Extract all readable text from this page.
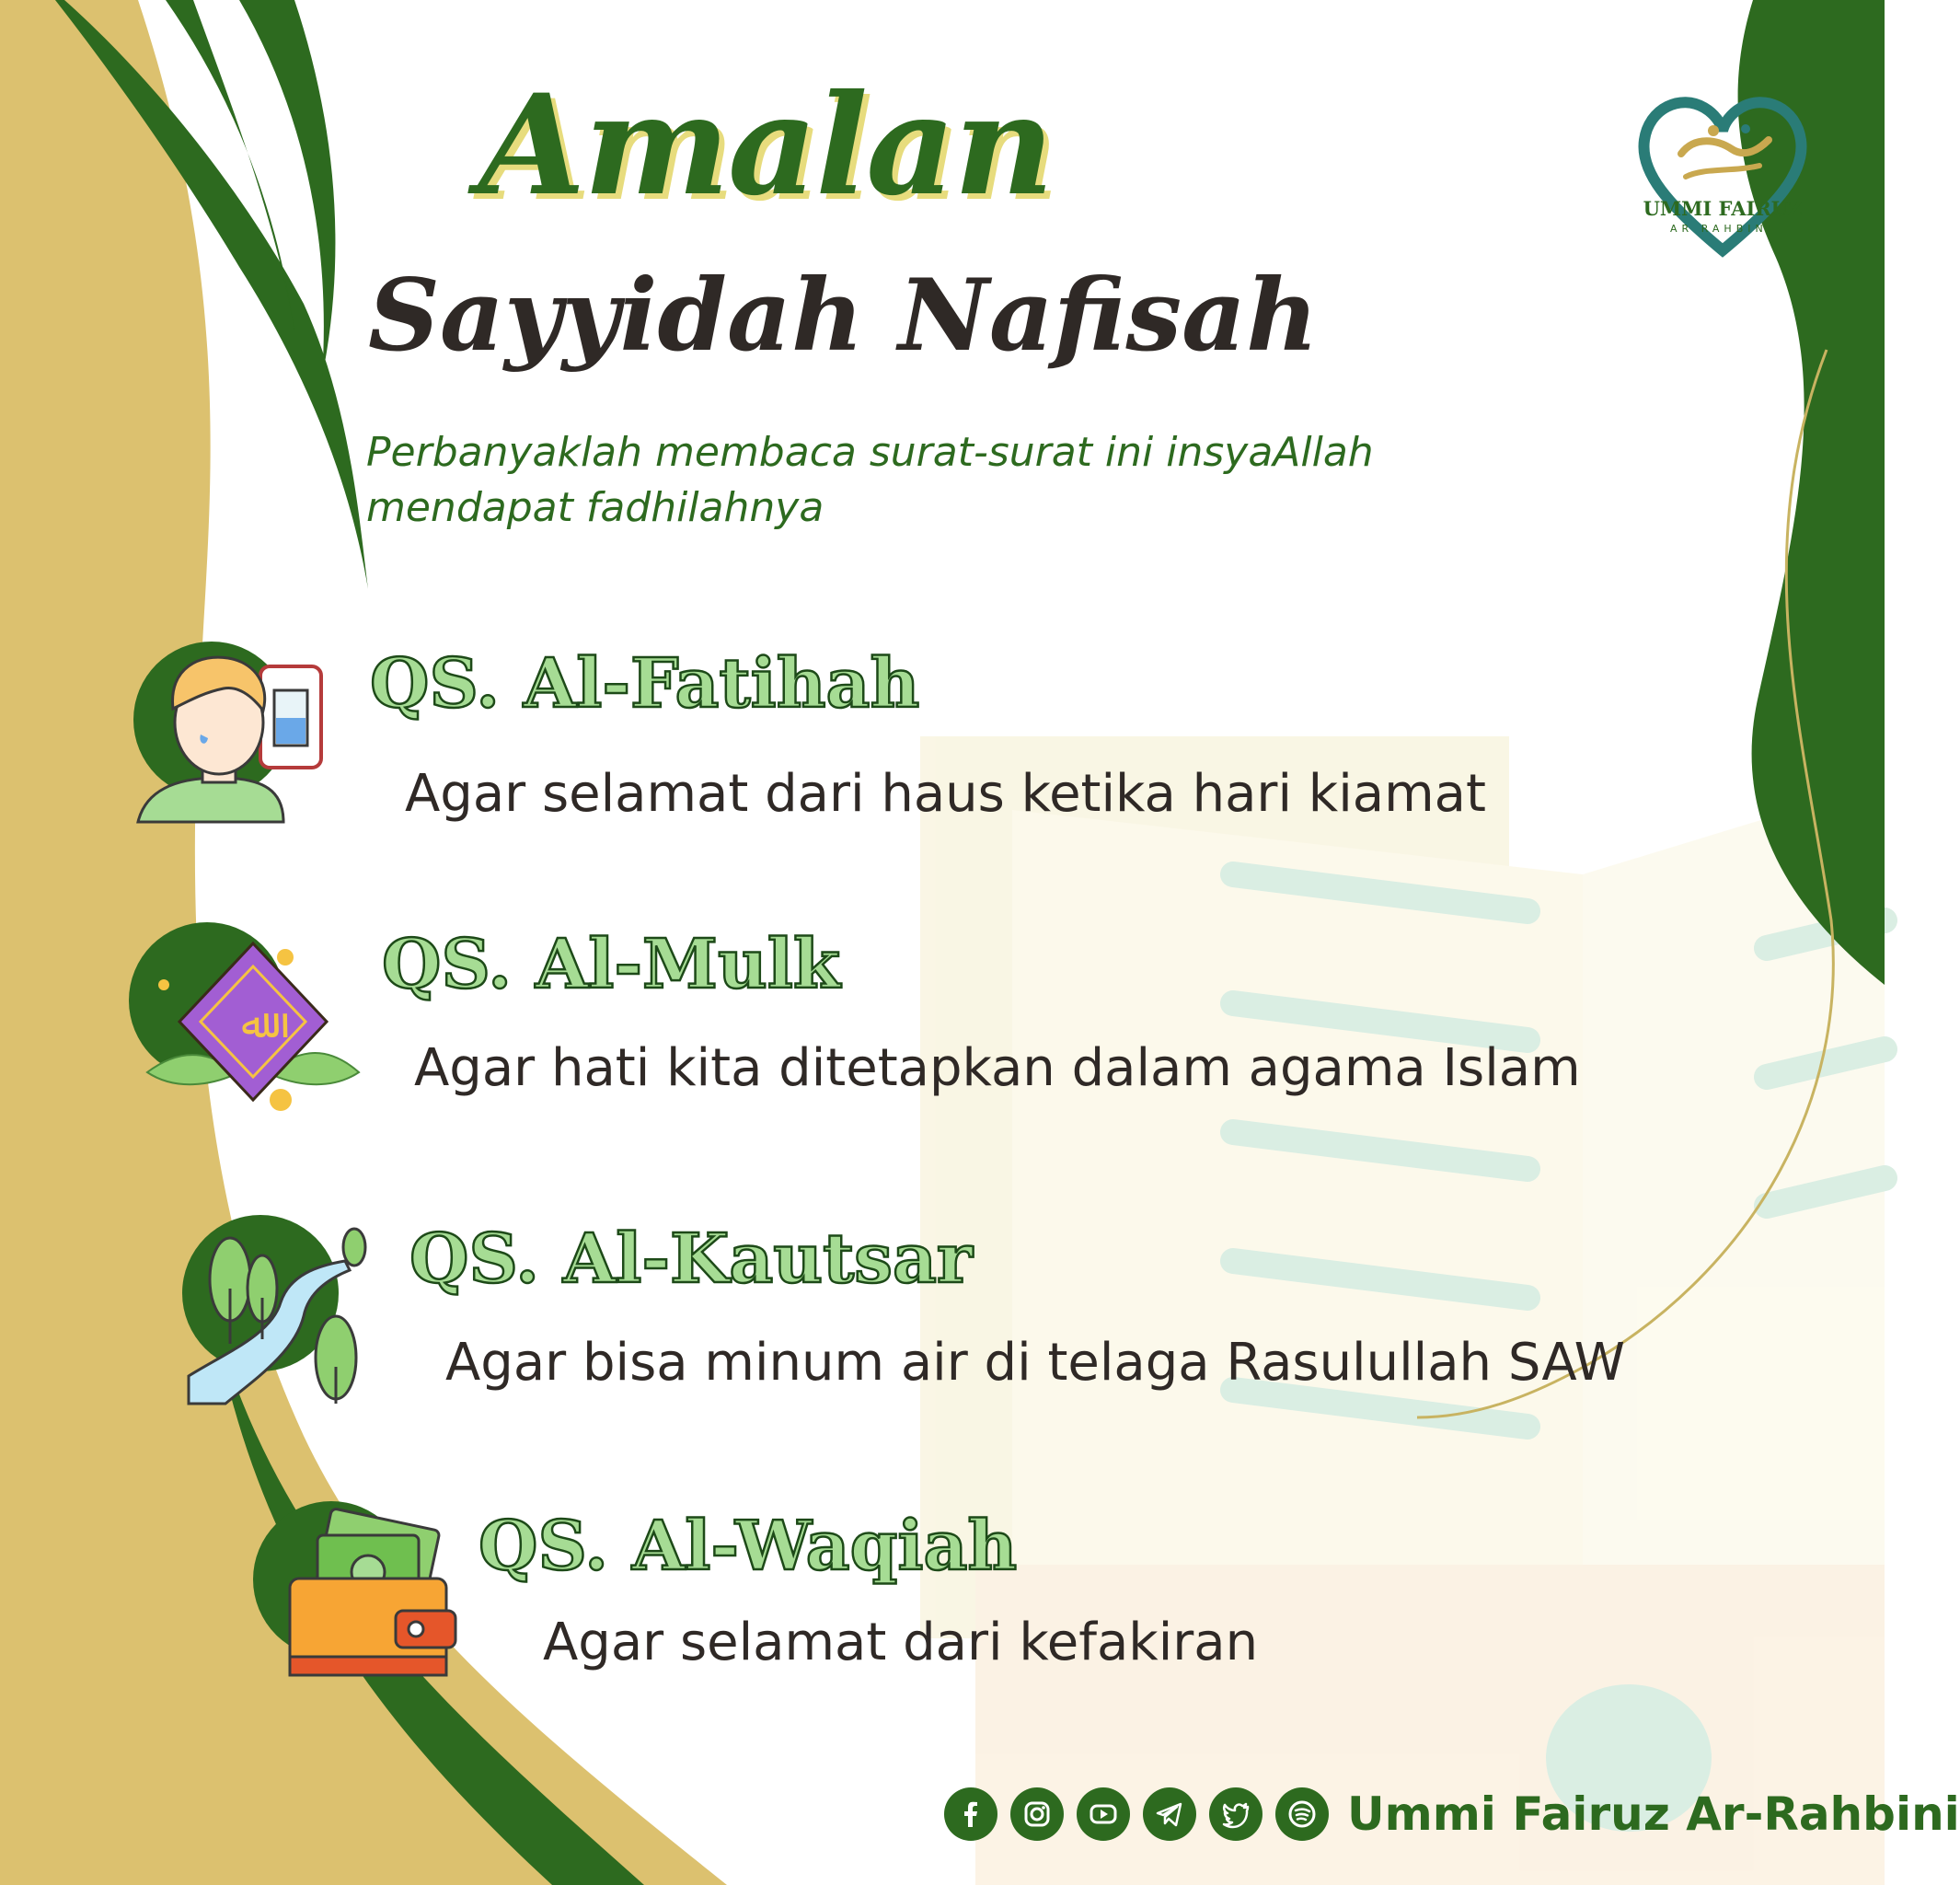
Amalan
Sayyidah Nafisah

Perbanyaklah membaca surat-surat ini insyaAllah mendapat fadhilahnya

UMMI FAIRUZ
AR RAHBINI
QS. Al-Fatihah

Agar selamat dari haus ketika hari kiamat

ﷲ
QS. Al-Mulk

Agar hati kita ditetapkan dalam agama Islam

QS. Al-Kautsar

Agar bisa minum air di telaga Rasulullah SAW

QS. Al-Waqiah

Agar selamat dari kefakiran

Ummi Fairuz Ar-Rahbini
